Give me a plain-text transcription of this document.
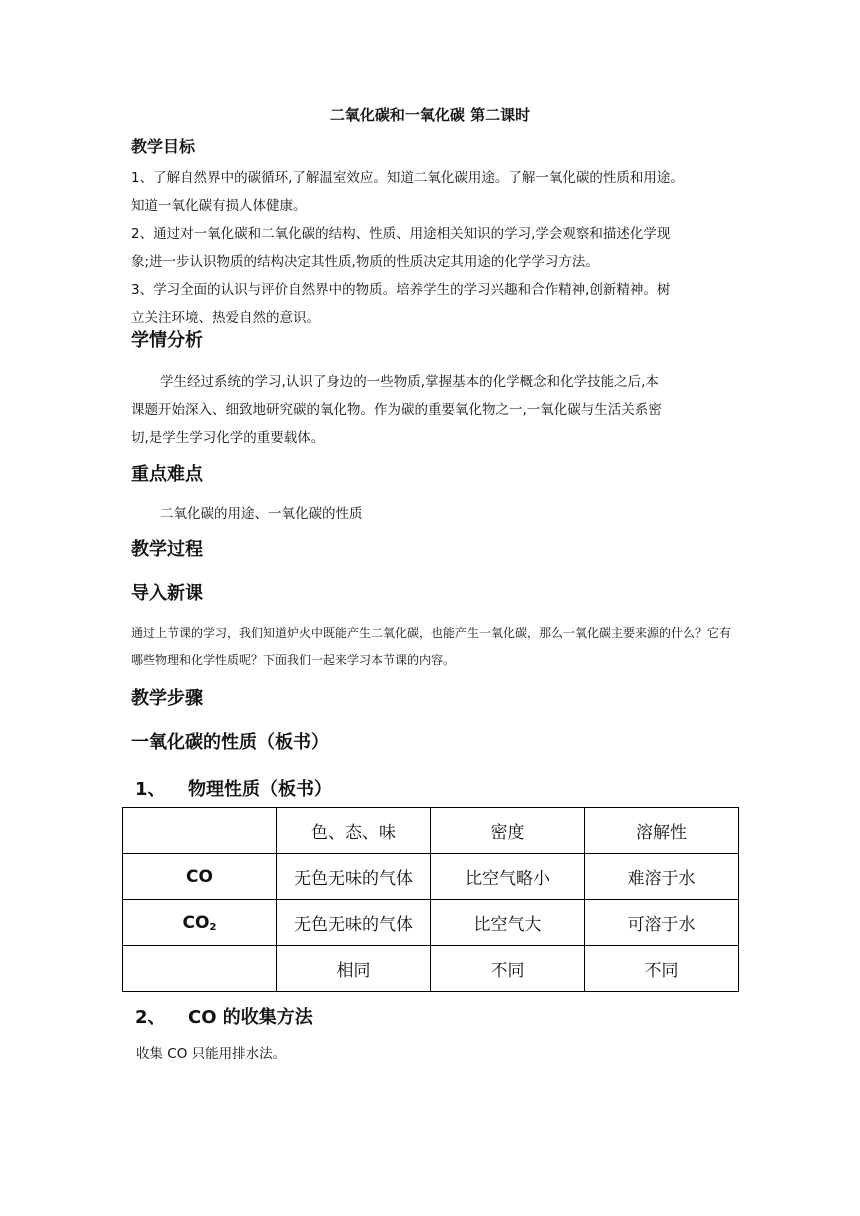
二氧化碳和一氧化碳 第二课时
教学目标

1、了解自然界中的碳循环,了解温室效应。知道二氧化碳用途。了解一氧化碳的性质和用途。

知道一氧化碳有损人体健康。

2、通过对一氧化碳和二氧化碳的结构、性质、用途相关知识的学习,学会观察和描述化学现

象;进一步认识物质的结构决定其性质,物质的性质决定其用途的化学学习方法。

3、学习全面的认识与评价自然界中的物质。培养学生的学习兴趣和合作精神,创新精神。树

立关注环境、热爱自然的意识。

学情分析

学生经过系统的学习,认识了身边的一些物质,掌握基本的化学概念和化学技能之后,本

课题开始深入、细致地研究碳的氧化物。作为碳的重要氧化物之一,一氧化碳与生活关系密

切,是学生学习化学的重要载体。

重点难点
二氧化碳的用途、一氧化碳的性质
教学过程
导入新课
通过上节课的学习，我们知道炉火中既能产生二氧化碳，也能产生一氧化碳，那么一氧化碳主要来源的什么？它有哪些物理和化学性质呢？下面我们一起来学习本节课的内容。
教学步骤
一氧化碳的性质（板书）
1、 物理性质（板书）
	色、态、味	密度	溶解性
CO	无色无味的气体	比空气略小	难溶于水
$CO_2$	无色无味的气体	比空气大	可溶于水
	相同	不同	不同
2、 CO 的收集方法
收集 CO 只能用排水法。
